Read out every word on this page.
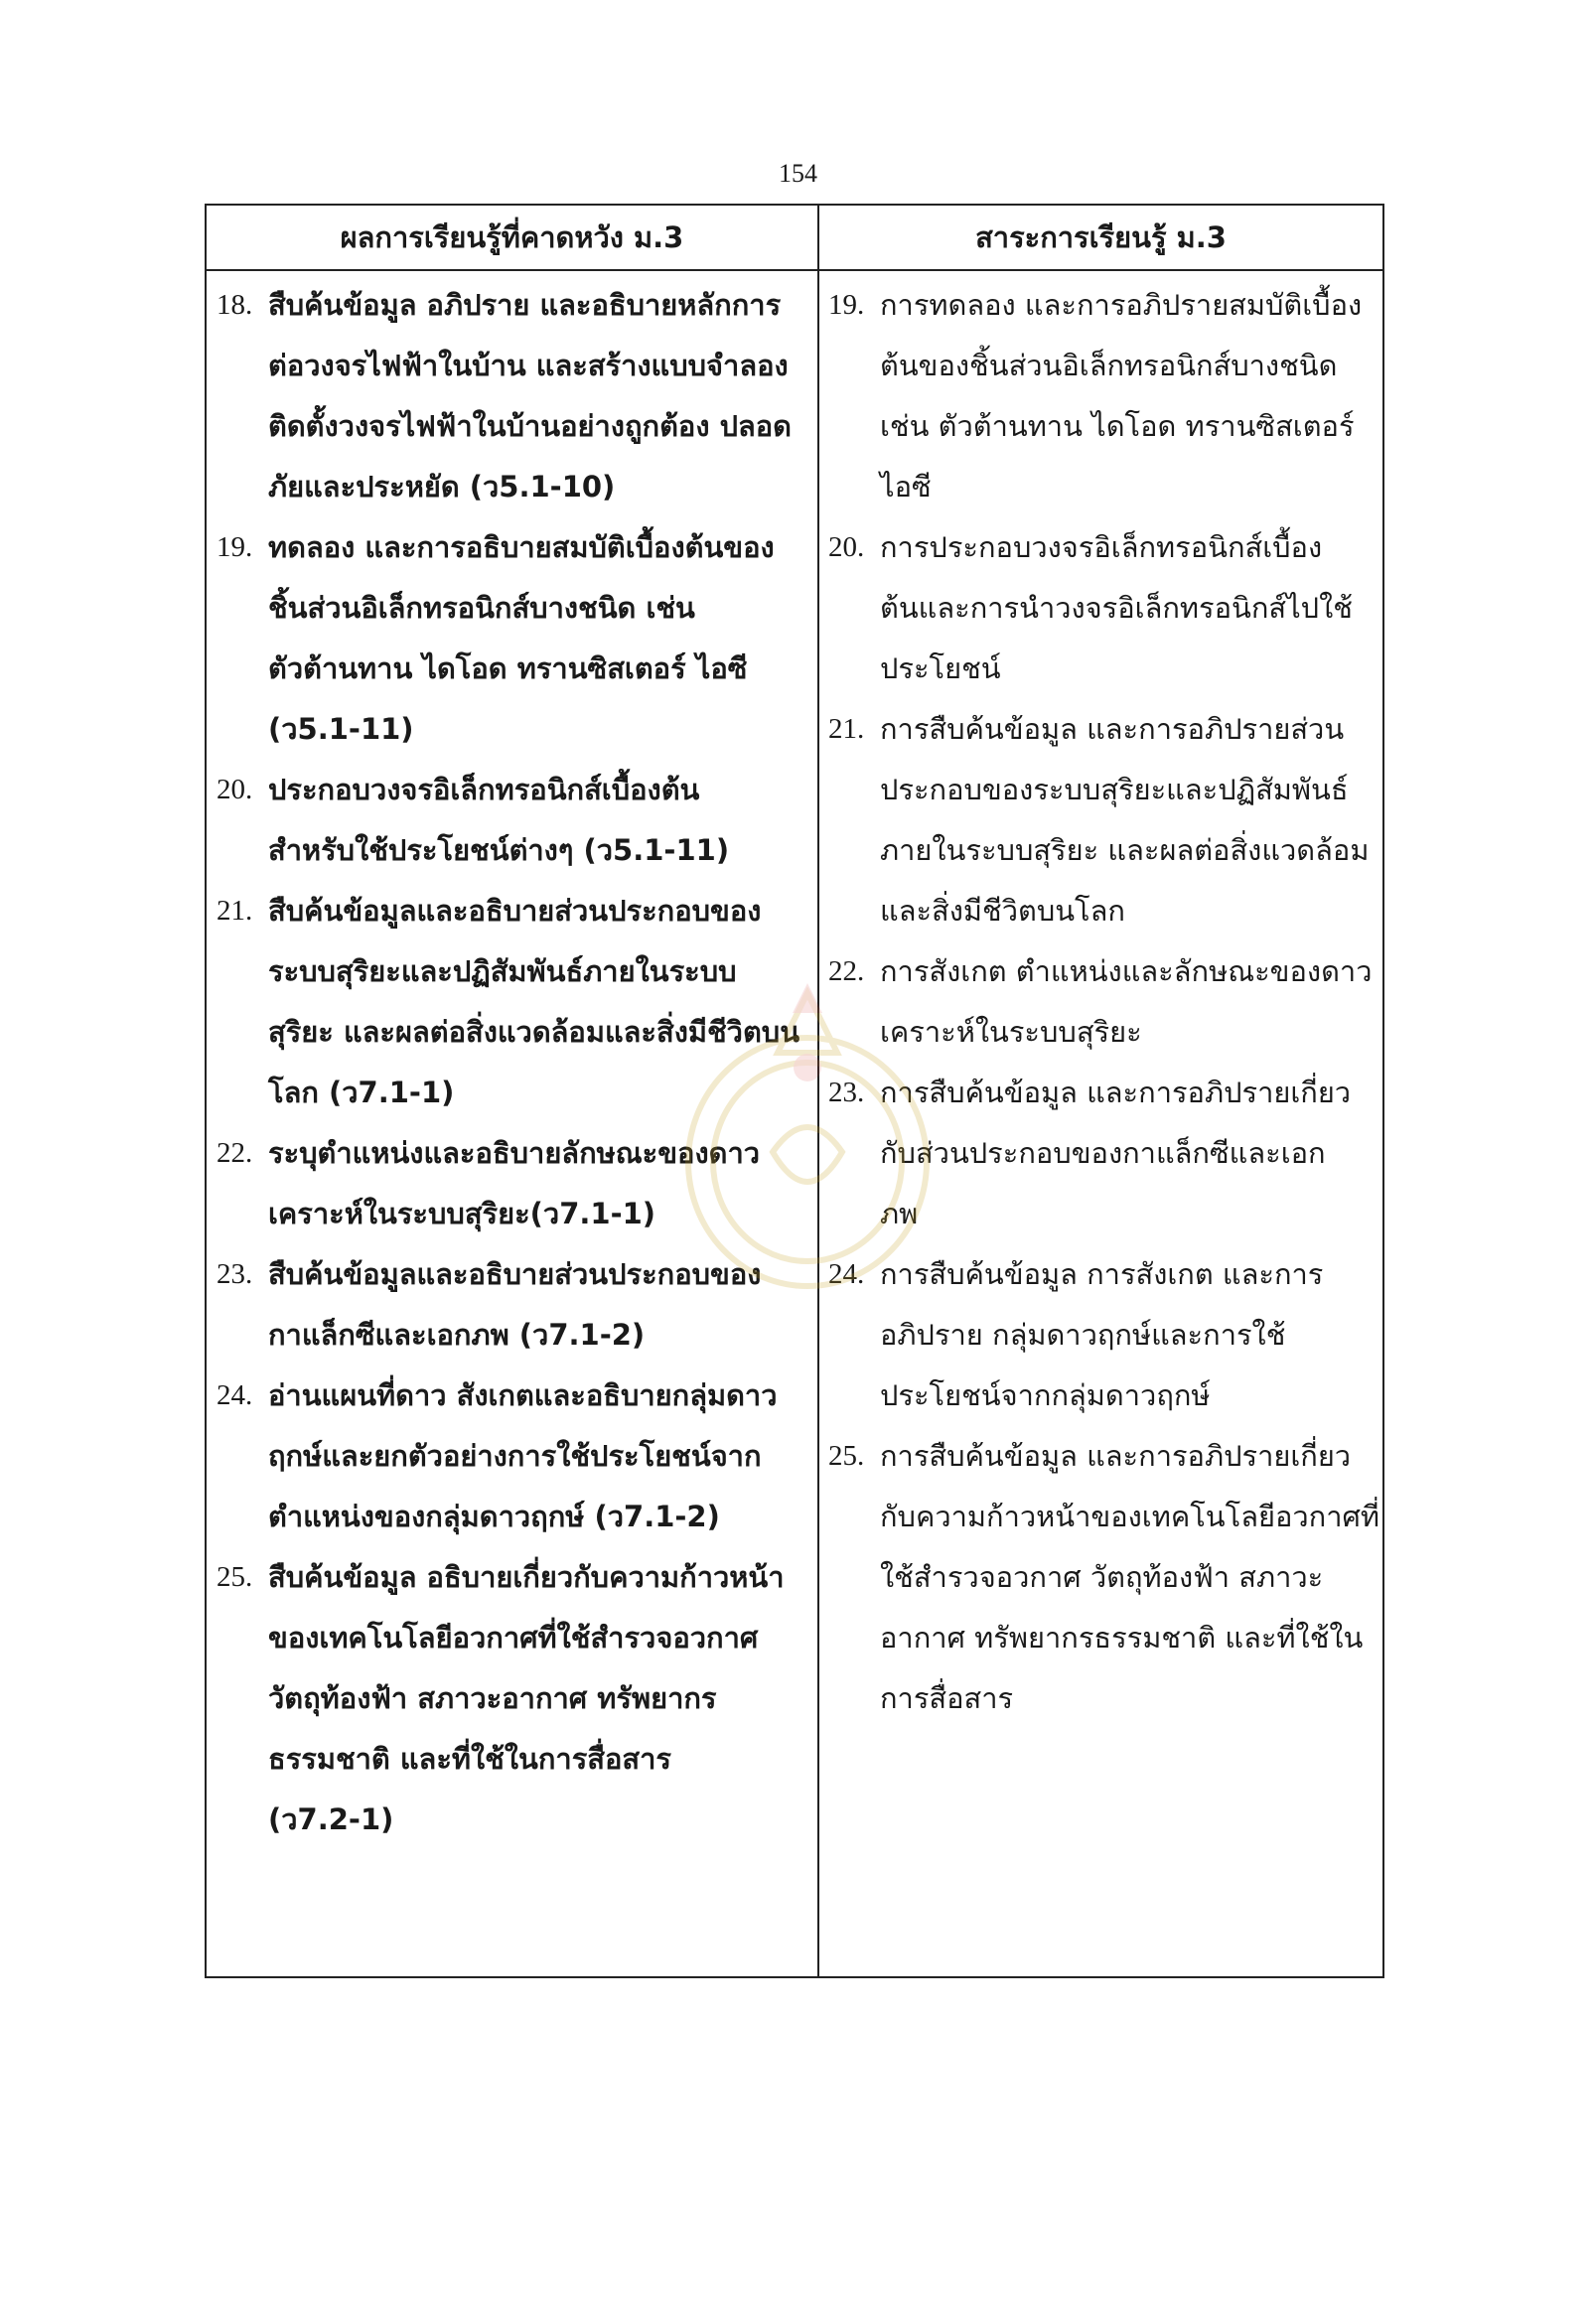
154
ผลการเรียนรู้ที่คาดหวัง ม.3	สาระการเรียนรู้ ม.3
18. สืบค้นข้อมูล อภิปราย และอธิบายหลักการ
ต่อวงจรไฟฟ้าในบ้าน และสร้างแบบจำลอง
ติดตั้งวงจรไฟฟ้าในบ้านอย่างถูกต้อง ปลอด
ภัยและประหยัด (ว5.1-10)
19. ทดลอง และการอธิบายสมบัติเบื้องต้นของ
ชิ้นส่วนอิเล็กทรอนิกส์บางชนิด เช่น
ตัวต้านทาน ไดโอด ทรานซิสเตอร์ ไอซี
(ว5.1-11)
20. ประกอบวงจรอิเล็กทรอนิกส์เบื้องต้น
สำหรับใช้ประโยชน์ต่างๆ (ว5.1-11)
21. สืบค้นข้อมูลและอธิบายส่วนประกอบของ
ระบบสุริยะและปฏิสัมพันธ์ภายในระบบ
สุริยะ และผลต่อสิ่งแวดล้อมและสิ่งมีชีวิตบน
โลก (ว7.1-1)
22. ระบุตำแหน่งและอธิบายลักษณะของดาว
เคราะห์ในระบบสุริยะ(ว7.1-1)
23. สืบค้นข้อมูลและอธิบายส่วนประกอบของ
กาแล็กซีและเอกภพ (ว7.1-2)
24. อ่านแผนที่ดาว สังเกตและอธิบายกลุ่มดาว
ฤกษ์และยกตัวอย่างการใช้ประโยชน์จาก
ตำแหน่งของกลุ่มดาวฤกษ์ (ว7.1-2)
25. สืบค้นข้อมูล อธิบายเกี่ยวกับความก้าวหน้า
ของเทคโนโลยีอวกาศที่ใช้สำรวจอวกาศ
วัตถุท้องฟ้า สภาวะอากาศ ทรัพยากร
ธรรมชาติ และที่ใช้ในการสื่อสาร
(ว7.2-1)
19. การทดลอง และการอภิปรายสมบัติเบื้อง
ต้นของชิ้นส่วนอิเล็กทรอนิกส์บางชนิด
เช่น ตัวต้านทาน ไดโอด ทรานซิสเตอร์
ไอซี
20. การประกอบวงจรอิเล็กทรอนิกส์เบื้อง
ต้นและการนำวงจรอิเล็กทรอนิกส์ไปใช้
ประโยชน์
21. การสืบค้นข้อมูล และการอภิปรายส่วน
ประกอบของระบบสุริยะและปฏิสัมพันธ์
ภายในระบบสุริยะ และผลต่อสิ่งแวดล้อม
และสิ่งมีชีวิตบนโลก
22. การสังเกต ตำแหน่งและลักษณะของดาว
เคราะห์ในระบบสุริยะ
23. การสืบค้นข้อมูล และการอภิปรายเกี่ยว
กับส่วนประกอบของกาแล็กซีและเอก
ภพ
24. การสืบค้นข้อมูล การสังเกต และการ
อภิปราย กลุ่มดาวฤกษ์และการใช้
ประโยชน์จากกลุ่มดาวฤกษ์
25. การสืบค้นข้อมูล และการอภิปรายเกี่ยว
กับความก้าวหน้าของเทคโนโลยีอวกาศที่
ใช้สำรวจอวกาศ วัตถุท้องฟ้า สภาวะ
อากาศ ทรัพยากรธรรมชาติ และที่ใช้ใน
การสื่อสาร
